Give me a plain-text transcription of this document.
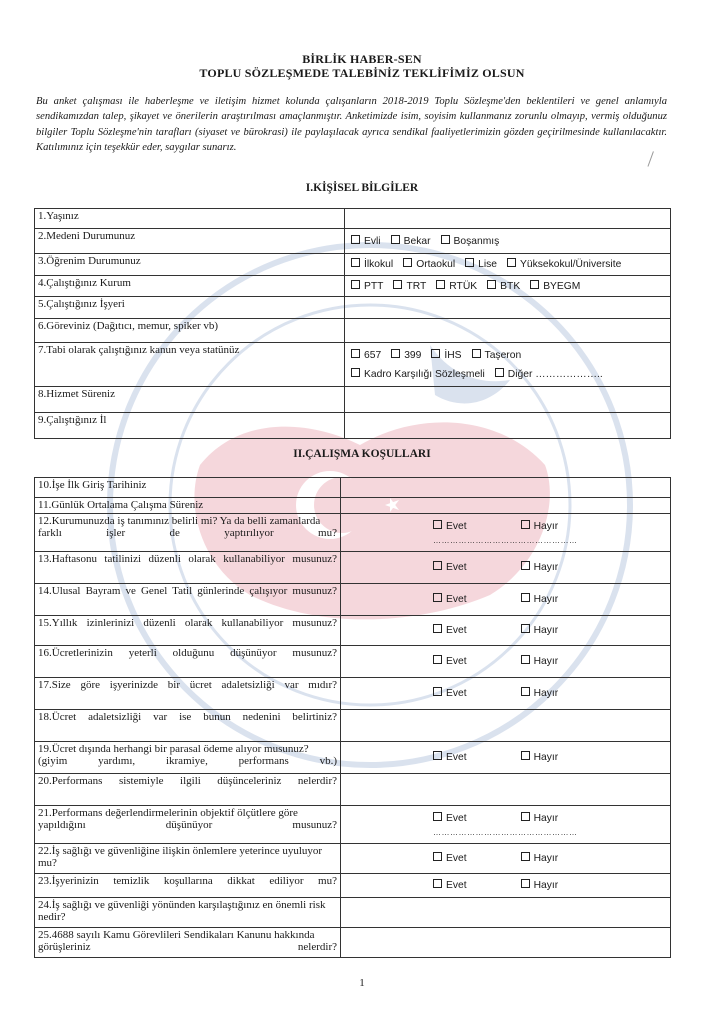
BİRLİK HABER-SEN
TOPLU SÖZLEŞMEDE TALEBİNİZ TEKLİFİMİZ OLSUN
Bu anket çalışması ile haberleşme ve iletişim hizmet kolunda çalışanların 2018-2019 Toplu Sözleşme'den beklentileri ve genel anlamıyla sendikamızdan talep, şikayet ve önerilerin araştırılması amaçlanmıştır. Anketimizde isim, soyisim kullanmanız zorunlu olmayıp, vermiş olduğunuz bilgiler Toplu Sözleşme'nin tarafları (siyaset ve bürokrasi) ile paylaşılacak ayrıca sendikal faaliyetlerimizin gözden geçirilmesinde kullanılacaktır. Katılımınız için teşekkür eder, saygılar sunarız.
I.KİŞİSEL BİLGİLER
1.Yaşınız	
2.Medeni Durumunuz	Evli Bekar Boşanmış

3.Öğrenim Durumunuz	İlkokul Ortaokul Lise Yüksekokul/Üniversite

4.Çalıştığınız Kurum	PTT TRT RTÜK BTK BYEGM

5.Çalıştığınız İşyeri	
6.Göreviniz (Dağıtıcı, memur, spiker vb)	
7.Tabi olarak çalıştığınız kanun veya statünüz	657 399 İHS Taşeron
Kadro Karşılığı Sözleşmeli Diğer ………………..

8.Hizmet Süreniz	
9.Çalıştığınız İl	
II.ÇALIŞMA KOŞULLARI
10.İşe İlk Giriş Tarihiniz	
11.Günlük Ortalama Çalışma Süreniz	
12.Kurumunuzda iş tanımınız belirli mi? Ya da belli zamanlarda farklı işler de yaptırılıyor mu?	Evet Hayır
……………………………………………

13.Haftasonu tatilinizi düzenli olarak kullanabiliyor musunuz?	Evet Hayır
14.Ulusal Bayram ve Genel Tatil günlerinde çalışıyor musunuz?	Evet Hayır
15.Yıllık izinlerinizi düzenli olarak kullanabiliyor musunuz?	Evet Hayır
16.Ücretlerinizin yeterli olduğunu düşünüyor musunuz?	Evet Hayır
17.Size göre işyerinizde bir ücret adaletsizliği var mıdır?	Evet Hayır
18.Ücret adaletsizliği var ise bunun nedenini belirtiniz?	
19.Ücret dışında herhangi bir parasal ödeme alıyor musunuz? (giyim yardımı, ikramiye, performans vb.)	Evet Hayır
20.Performans sistemiyle ilgili düşünceleriniz nelerdir?	
21.Performans değerlendirmelerinin objektif ölçütlere göre yapıldığını düşünüyor musunuz?	Evet Hayır
……………………………………………

22.İş sağlığı ve güvenliğine ilişkin önlemlere yeterince uyuluyor mu?	Evet Hayır
23.İşyerinizin temizlik koşullarına dikkat ediliyor mu?	Evet Hayır
24.İş sağlığı ve güvenliği yönünden karşılaştığınız en önemli risk nedir?	
25.4688 sayılı Kamu Görevlileri Sendikaları Kanunu hakkında görüşleriniz nelerdir?	
1
